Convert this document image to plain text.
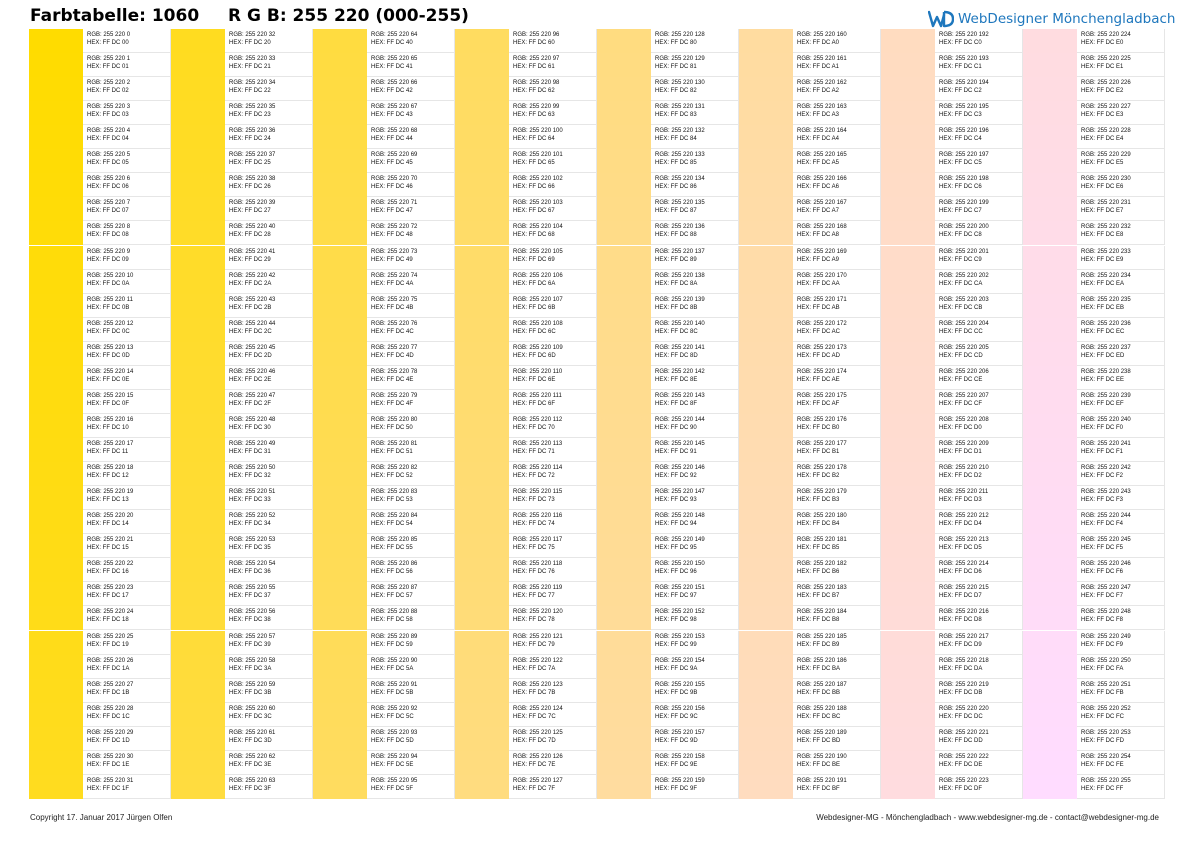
Farbtabelle: 1060 R G B: 255 220 (000-255)	WebDesigner Mönchengladbach
RGB: 255 220 0
HEX: FF DC 00
RGB: 255 220 1
HEX: FF DC 01
RGB: 255 220 2
HEX: FF DC 02
RGB: 255 220 3
HEX: FF DC 03
RGB: 255 220 4
HEX: FF DC 04
RGB: 255 220 5
HEX: FF DC 05
RGB: 255 220 6
HEX: FF DC 06
RGB: 255 220 7
HEX: FF DC 07
RGB: 255 220 8
HEX: FF DC 08
RGB: 255 220 9
HEX: FF DC 09
RGB: 255 220 10
HEX: FF DC 0A
RGB: 255 220 11
HEX: FF DC 0B
RGB: 255 220 12
HEX: FF DC 0C
RGB: 255 220 13
HEX: FF DC 0D
RGB: 255 220 14
HEX: FF DC 0E
RGB: 255 220 15
HEX: FF DC 0F
RGB: 255 220 16
HEX: FF DC 10
RGB: 255 220 17
HEX: FF DC 11
RGB: 255 220 18
HEX: FF DC 12
RGB: 255 220 19
HEX: FF DC 13
RGB: 255 220 20
HEX: FF DC 14
RGB: 255 220 21
HEX: FF DC 15
RGB: 255 220 22
HEX: FF DC 16
RGB: 255 220 23
HEX: FF DC 17
RGB: 255 220 24
HEX: FF DC 18
RGB: 255 220 25
HEX: FF DC 19
RGB: 255 220 26
HEX: FF DC 1A
RGB: 255 220 27
HEX: FF DC 1B
RGB: 255 220 28
HEX: FF DC 1C
RGB: 255 220 29
HEX: FF DC 1D
RGB: 255 220 30
HEX: FF DC 1E
RGB: 255 220 31
HEX: FF DC 1F
RGB: 255 220 32
HEX: FF DC 20
RGB: 255 220 33
HEX: FF DC 21
RGB: 255 220 34
HEX: FF DC 22
RGB: 255 220 35
HEX: FF DC 23
RGB: 255 220 36
HEX: FF DC 24
RGB: 255 220 37
HEX: FF DC 25
RGB: 255 220 38
HEX: FF DC 26
RGB: 255 220 39
HEX: FF DC 27
RGB: 255 220 40
HEX: FF DC 28
RGB: 255 220 41
HEX: FF DC 29
RGB: 255 220 42
HEX: FF DC 2A
RGB: 255 220 43
HEX: FF DC 2B
RGB: 255 220 44
HEX: FF DC 2C
RGB: 255 220 45
HEX: FF DC 2D
RGB: 255 220 46
HEX: FF DC 2E
RGB: 255 220 47
HEX: FF DC 2F
RGB: 255 220 48
HEX: FF DC 30
RGB: 255 220 49
HEX: FF DC 31
RGB: 255 220 50
HEX: FF DC 32
RGB: 255 220 51
HEX: FF DC 33
RGB: 255 220 52
HEX: FF DC 34
RGB: 255 220 53
HEX: FF DC 35
RGB: 255 220 54
HEX: FF DC 36
RGB: 255 220 55
HEX: FF DC 37
RGB: 255 220 56
HEX: FF DC 38
RGB: 255 220 57
HEX: FF DC 39
RGB: 255 220 58
HEX: FF DC 3A
RGB: 255 220 59
HEX: FF DC 3B
RGB: 255 220 60
HEX: FF DC 3C
RGB: 255 220 61
HEX: FF DC 3D
RGB: 255 220 62
HEX: FF DC 3E
RGB: 255 220 63
HEX: FF DC 3F
RGB: 255 220 64
HEX: FF DC 40
RGB: 255 220 65
HEX: FF DC 41
RGB: 255 220 66
HEX: FF DC 42
RGB: 255 220 67
HEX: FF DC 43
RGB: 255 220 68
HEX: FF DC 44
RGB: 255 220 69
HEX: FF DC 45
RGB: 255 220 70
HEX: FF DC 46
RGB: 255 220 71
HEX: FF DC 47
RGB: 255 220 72
HEX: FF DC 48
RGB: 255 220 73
HEX: FF DC 49
RGB: 255 220 74
HEX: FF DC 4A
RGB: 255 220 75
HEX: FF DC 4B
RGB: 255 220 76
HEX: FF DC 4C
RGB: 255 220 77
HEX: FF DC 4D
RGB: 255 220 78
HEX: FF DC 4E
RGB: 255 220 79
HEX: FF DC 4F
RGB: 255 220 80
HEX: FF DC 50
RGB: 255 220 81
HEX: FF DC 51
RGB: 255 220 82
HEX: FF DC 52
RGB: 255 220 83
HEX: FF DC 53
RGB: 255 220 84
HEX: FF DC 54
RGB: 255 220 85
HEX: FF DC 55
RGB: 255 220 86
HEX: FF DC 56
RGB: 255 220 87
HEX: FF DC 57
RGB: 255 220 88
HEX: FF DC 58
RGB: 255 220 89
HEX: FF DC 59
RGB: 255 220 90
HEX: FF DC 5A
RGB: 255 220 91
HEX: FF DC 5B
RGB: 255 220 92
HEX: FF DC 5C
RGB: 255 220 93
HEX: FF DC 5D
RGB: 255 220 94
HEX: FF DC 5E
RGB: 255 220 95
HEX: FF DC 5F
RGB: 255 220 96
HEX: FF DC 60
RGB: 255 220 97
HEX: FF DC 61
RGB: 255 220 98
HEX: FF DC 62
RGB: 255 220 99
HEX: FF DC 63
RGB: 255 220 100
HEX: FF DC 64
RGB: 255 220 101
HEX: FF DC 65
RGB: 255 220 102
HEX: FF DC 66
RGB: 255 220 103
HEX: FF DC 67
RGB: 255 220 104
HEX: FF DC 68
RGB: 255 220 105
HEX: FF DC 69
RGB: 255 220 106
HEX: FF DC 6A
RGB: 255 220 107
HEX: FF DC 6B
RGB: 255 220 108
HEX: FF DC 6C
RGB: 255 220 109
HEX: FF DC 6D
RGB: 255 220 110
HEX: FF DC 6E
RGB: 255 220 111
HEX: FF DC 6F
RGB: 255 220 112
HEX: FF DC 70
RGB: 255 220 113
HEX: FF DC 71
RGB: 255 220 114
HEX: FF DC 72
RGB: 255 220 115
HEX: FF DC 73
RGB: 255 220 116
HEX: FF DC 74
RGB: 255 220 117
HEX: FF DC 75
RGB: 255 220 118
HEX: FF DC 76
RGB: 255 220 119
HEX: FF DC 77
RGB: 255 220 120
HEX: FF DC 78
RGB: 255 220 121
HEX: FF DC 79
RGB: 255 220 122
HEX: FF DC 7A
RGB: 255 220 123
HEX: FF DC 7B
RGB: 255 220 124
HEX: FF DC 7C
RGB: 255 220 125
HEX: FF DC 7D
RGB: 255 220 126
HEX: FF DC 7E
RGB: 255 220 127
HEX: FF DC 7F
RGB: 255 220 128
HEX: FF DC 80
RGB: 255 220 129
HEX: FF DC 81
RGB: 255 220 130
HEX: FF DC 82
RGB: 255 220 131
HEX: FF DC 83
RGB: 255 220 132
HEX: FF DC 84
RGB: 255 220 133
HEX: FF DC 85
RGB: 255 220 134
HEX: FF DC 86
RGB: 255 220 135
HEX: FF DC 87
RGB: 255 220 136
HEX: FF DC 88
RGB: 255 220 137
HEX: FF DC 89
RGB: 255 220 138
HEX: FF DC 8A
RGB: 255 220 139
HEX: FF DC 8B
RGB: 255 220 140
HEX: FF DC 8C
RGB: 255 220 141
HEX: FF DC 8D
RGB: 255 220 142
HEX: FF DC 8E
RGB: 255 220 143
HEX: FF DC 8F
RGB: 255 220 144
HEX: FF DC 90
RGB: 255 220 145
HEX: FF DC 91
RGB: 255 220 146
HEX: FF DC 92
RGB: 255 220 147
HEX: FF DC 93
RGB: 255 220 148
HEX: FF DC 94
RGB: 255 220 149
HEX: FF DC 95
RGB: 255 220 150
HEX: FF DC 96
RGB: 255 220 151
HEX: FF DC 97
RGB: 255 220 152
HEX: FF DC 98
RGB: 255 220 153
HEX: FF DC 99
RGB: 255 220 154
HEX: FF DC 9A
RGB: 255 220 155
HEX: FF DC 9B
RGB: 255 220 156
HEX: FF DC 9C
RGB: 255 220 157
HEX: FF DC 9D
RGB: 255 220 158
HEX: FF DC 9E
RGB: 255 220 159
HEX: FF DC 9F
RGB: 255 220 160
HEX: FF DC A0
RGB: 255 220 161
HEX: FF DC A1
RGB: 255 220 162
HEX: FF DC A2
RGB: 255 220 163
HEX: FF DC A3
RGB: 255 220 164
HEX: FF DC A4
RGB: 255 220 165
HEX: FF DC A5
RGB: 255 220 166
HEX: FF DC A6
RGB: 255 220 167
HEX: FF DC A7
RGB: 255 220 168
HEX: FF DC A8
RGB: 255 220 169
HEX: FF DC A9
RGB: 255 220 170
HEX: FF DC AA
RGB: 255 220 171
HEX: FF DC AB
RGB: 255 220 172
HEX: FF DC AC
RGB: 255 220 173
HEX: FF DC AD
RGB: 255 220 174
HEX: FF DC AE
RGB: 255 220 175
HEX: FF DC AF
RGB: 255 220 176
HEX: FF DC B0
RGB: 255 220 177
HEX: FF DC B1
RGB: 255 220 178
HEX: FF DC B2
RGB: 255 220 179
HEX: FF DC B3
RGB: 255 220 180
HEX: FF DC B4
RGB: 255 220 181
HEX: FF DC B5
RGB: 255 220 182
HEX: FF DC B6
RGB: 255 220 183
HEX: FF DC B7
RGB: 255 220 184
HEX: FF DC B8
RGB: 255 220 185
HEX: FF DC B9
RGB: 255 220 186
HEX: FF DC BA
RGB: 255 220 187
HEX: FF DC BB
RGB: 255 220 188
HEX: FF DC BC
RGB: 255 220 189
HEX: FF DC BD
RGB: 255 220 190
HEX: FF DC BE
RGB: 255 220 191
HEX: FF DC BF
RGB: 255 220 192
HEX: FF DC C0
RGB: 255 220 193
HEX: FF DC C1
RGB: 255 220 194
HEX: FF DC C2
RGB: 255 220 195
HEX: FF DC C3
RGB: 255 220 196
HEX: FF DC C4
RGB: 255 220 197
HEX: FF DC C5
RGB: 255 220 198
HEX: FF DC C6
RGB: 255 220 199
HEX: FF DC C7
RGB: 255 220 200
HEX: FF DC C8
RGB: 255 220 201
HEX: FF DC C9
RGB: 255 220 202
HEX: FF DC CA
RGB: 255 220 203
HEX: FF DC CB
RGB: 255 220 204
HEX: FF DC CC
RGB: 255 220 205
HEX: FF DC CD
RGB: 255 220 206
HEX: FF DC CE
RGB: 255 220 207
HEX: FF DC CF
RGB: 255 220 208
HEX: FF DC D0
RGB: 255 220 209
HEX: FF DC D1
RGB: 255 220 210
HEX: FF DC D2
RGB: 255 220 211
HEX: FF DC D3
RGB: 255 220 212
HEX: FF DC D4
RGB: 255 220 213
HEX: FF DC D5
RGB: 255 220 214
HEX: FF DC D6
RGB: 255 220 215
HEX: FF DC D7
RGB: 255 220 216
HEX: FF DC D8
RGB: 255 220 217
HEX: FF DC D9
RGB: 255 220 218
HEX: FF DC DA
RGB: 255 220 219
HEX: FF DC DB
RGB: 255 220 220
HEX: FF DC DC
RGB: 255 220 221
HEX: FF DC DD
RGB: 255 220 222
HEX: FF DC DE
RGB: 255 220 223
HEX: FF DC DF
RGB: 255 220 224
HEX: FF DC E0
RGB: 255 220 225
HEX: FF DC E1
RGB: 255 220 226
HEX: FF DC E2
RGB: 255 220 227
HEX: FF DC E3
RGB: 255 220 228
HEX: FF DC E4
RGB: 255 220 229
HEX: FF DC E5
RGB: 255 220 230
HEX: FF DC E6
RGB: 255 220 231
HEX: FF DC E7
RGB: 255 220 232
HEX: FF DC E8
RGB: 255 220 233
HEX: FF DC E9
RGB: 255 220 234
HEX: FF DC EA
RGB: 255 220 235
HEX: FF DC EB
RGB: 255 220 236
HEX: FF DC EC
RGB: 255 220 237
HEX: FF DC ED
RGB: 255 220 238
HEX: FF DC EE
RGB: 255 220 239
HEX: FF DC EF
RGB: 255 220 240
HEX: FF DC F0
RGB: 255 220 241
HEX: FF DC F1
RGB: 255 220 242
HEX: FF DC F2
RGB: 255 220 243
HEX: FF DC F3
RGB: 255 220 244
HEX: FF DC F4
RGB: 255 220 245
HEX: FF DC F5
RGB: 255 220 246
HEX: FF DC F6
RGB: 255 220 247
HEX: FF DC F7
RGB: 255 220 248
HEX: FF DC F8
RGB: 255 220 249
HEX: FF DC F9
RGB: 255 220 250
HEX: FF DC FA
RGB: 255 220 251
HEX: FF DC FB
RGB: 255 220 252
HEX: FF DC FC
RGB: 255 220 253
HEX: FF DC FD
RGB: 255 220 254
HEX: FF DC FE
RGB: 255 220 255
HEX: FF DC FF
Copyright 17. Januar 2017 Jürgen Olfen	Webdesigner-MG - Mönchengladbach - www.webdesigner-mg.de - contact@webdesigner-mg.de
